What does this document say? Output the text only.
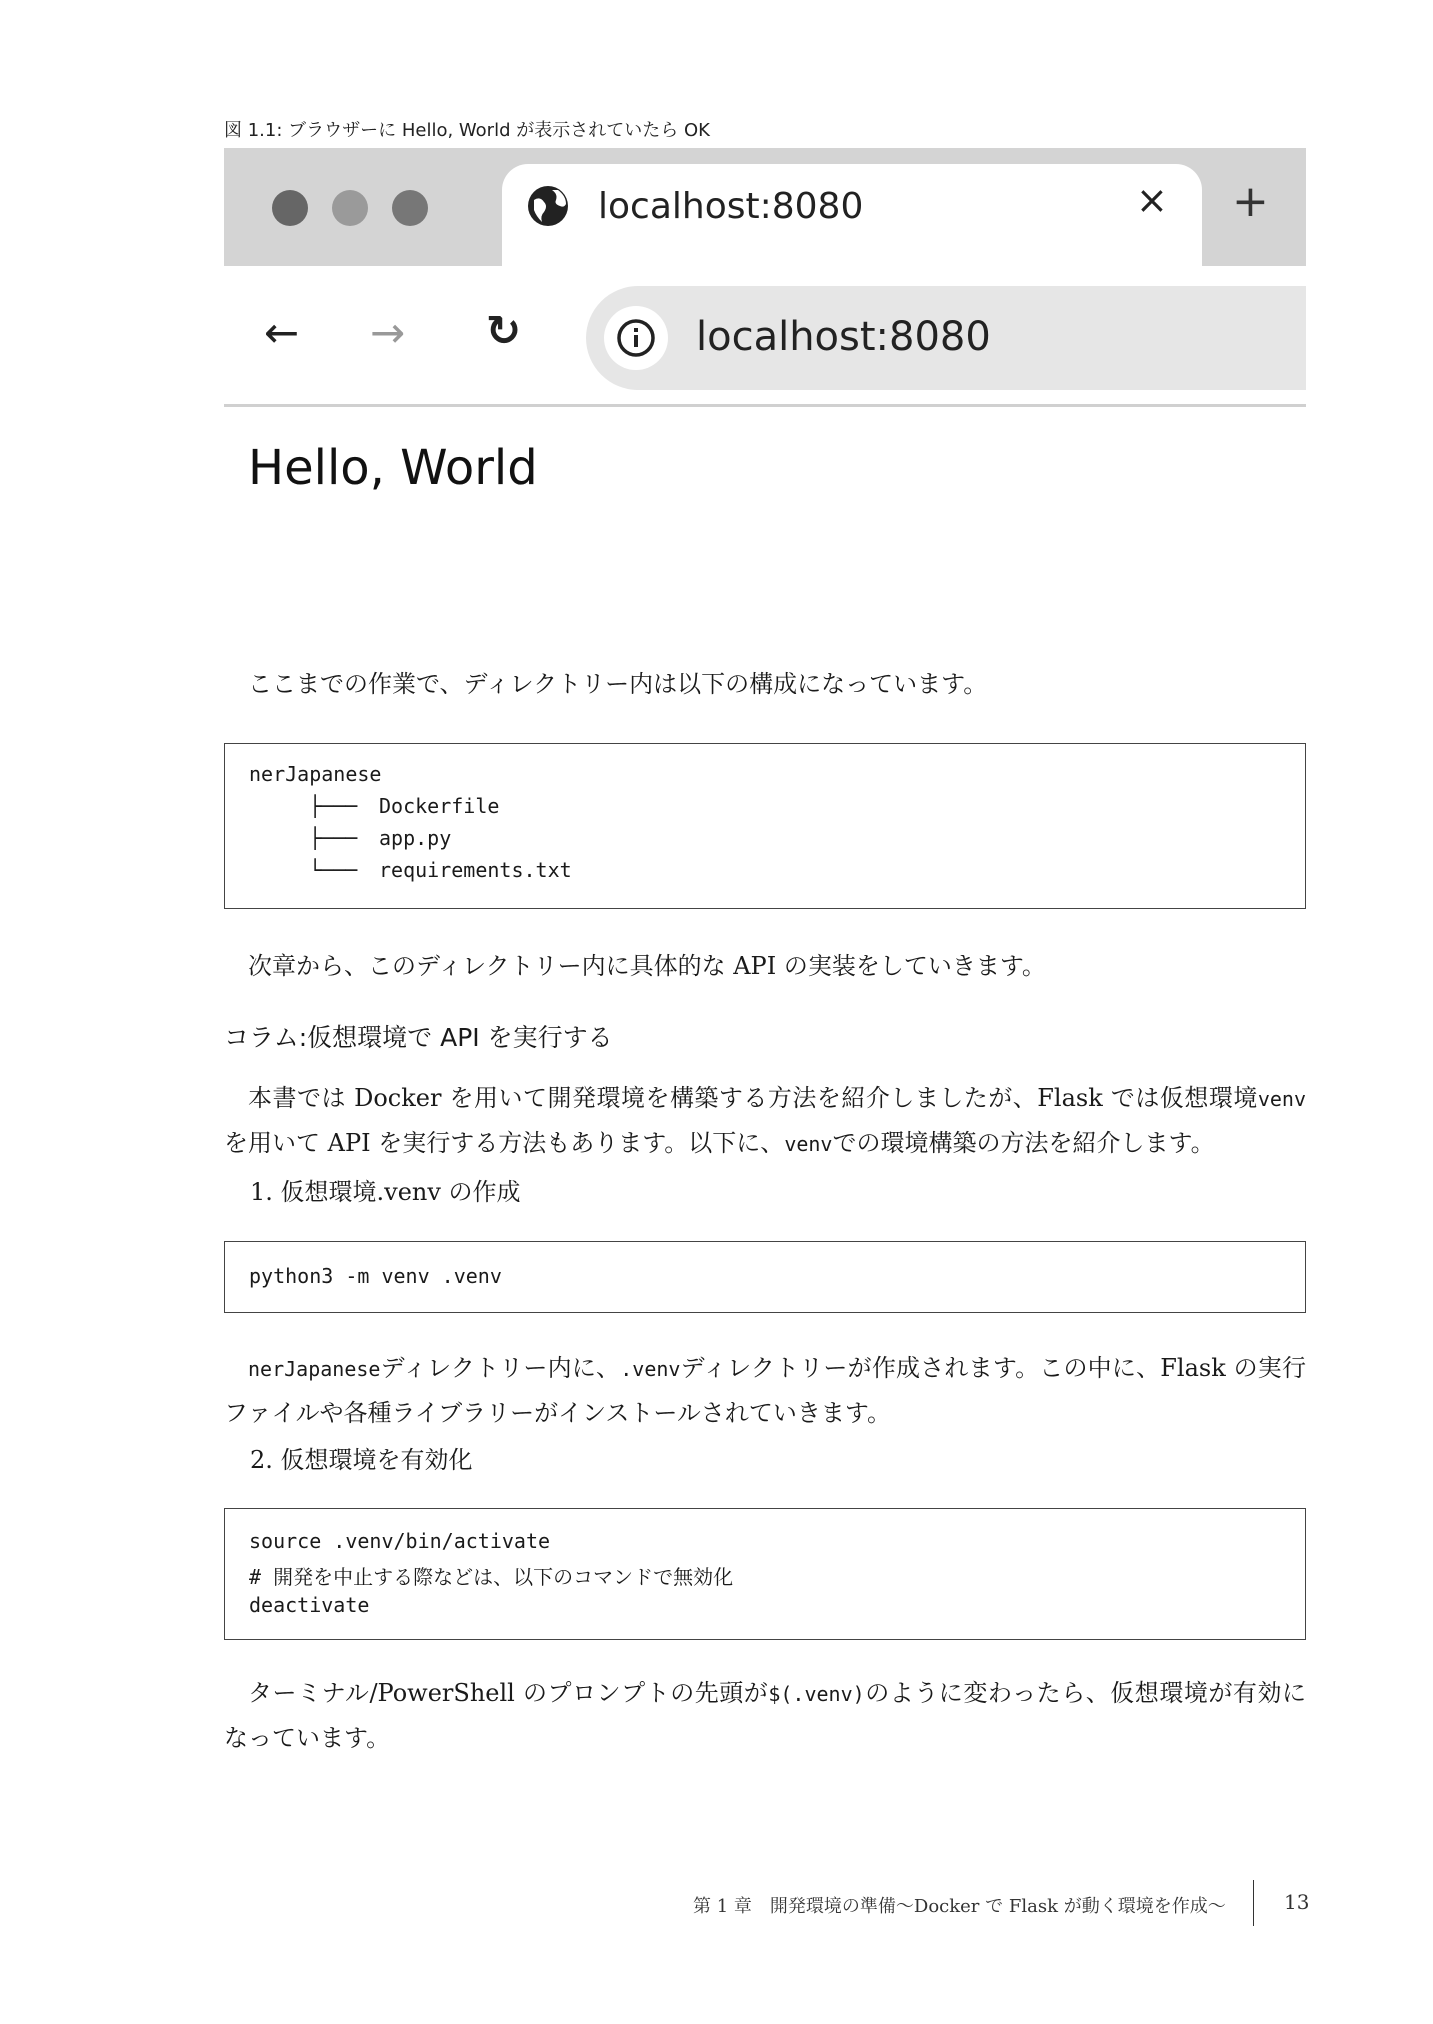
図 1.1: ブラウザーに Hello, World が表示されていたら OK
localhost:8080	× +
← → ↻	localhost:8080
Hello, World
ここまでの作業で、ディレクトリー内は以下の構成になっています。
nerJapanese
├─── Dockerfile
├─── app.py
└─── requirements.txt
次章から、このディレクトリー内に具体的な API の実装をしていきます。
コラム:仮想環境で API を実行する
本書では Docker を用いて開発環境を構築する方法を紹介しましたが、Flask では仮想環境venvを用いて API を実行する方法もあります。以下に、venvでの環境構築の方法を紹介します。
1. 仮想環境.venv の作成
python3 -m venv .venv
nerJapaneseディレクトリー内に、.venvディレクトリーが作成されます。この中に、Flask の実行ファイルや各種ライブラリーがインストールされていきます。
2. 仮想環境を有効化
source .venv/bin/activate
# 開発を中止する際などは、以下のコマンドで無効化
deactivate
ターミナル/PowerShell のプロンプトの先頭が$(.venv)のように変わったら、仮想環境が有効になっています。
第 1 章　開発環境の準備〜Docker で Flask が動く環境を作成〜	13
